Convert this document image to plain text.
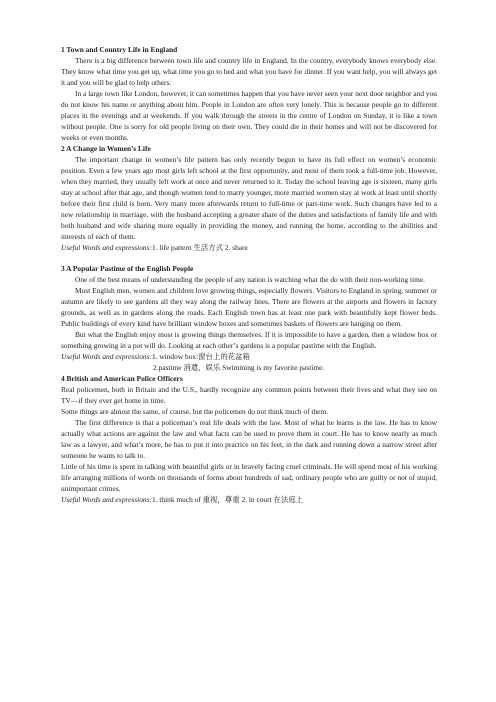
1 Town and Country Life in England

There is a big difference between town life and country life in England. In the country, everybody knows everybody else. They know what time you get up, what time you go to bed and what you have for dinner. If you want help, you will always get it and you will be glad to help others.

In a large town like London, however, it can sometimes happen that you have never seen your next door neighbor and you do not know his name or anything about him. People in London are often very lonely. This is because people go to different places in the evenings and at weekends. If you walk through the streets in the centre of London on Sunday, it is like a town without people. One is sorry for old people living on their own. They could die in their homes and will not be discovered for weeks or even months.

2 A Change in Women’s Life

The important change in women’s life pattern has only recently begun to have its full effect on women’s economic position. Even a few years ago most girls left school at the first opportunity, and most of them took a full-time job. However, when they married, they usually left work at once and never returned to it. Today the school leaving age is sixteen, many girls stay at school after that age, and though women tend to marry younger, more married women stay at work at least until shortly before their first child is born. Very many more afterwards return to full-time or part-time work. Such changes have led to a new relationship in marriage, with the husband accepting a greater share of the duties and satisfactions of family life and with both husband and wife sharing more equally in providing the money, and running the home, according to the abilities and interests of each of them.

Useful Words and expressions:1. life pattern 生活方式 2. share
3 A Popular Pastime of the English People

One of the best means of understanding the people of any nation is watching what the do with their non-working time.

Most English men, women and children love growing things, especially flowers. Visitors to England in spring, summer or autumn are likely to see gardens all they way along the railway lines. There are flowers at the airports and flowers in factory grounds, as well as in gardens along the roads. Each English town has at least one park with beautifully kept flower beds. Public buildings of every kind have brilliant window boxes and sometimes baskets of flowers are hanging on them.

But what the English enjoy most is growing things themselves. If it is impossible to have a garden, then a window box or something growing in a pot will do. Looking at each other’s gardens is a popular pastime with the English.

Useful Words and expressions:1. window box:窗台上的花盆箱
2.pastime 消遣，娱乐 Swimming is my favorite pastime.
4 British and American Police Officers

Real policemen, both in Britain and the U.S., hardly recognize any common points between their lives and what they see on TV—if they ever get home in time.

Some things are almost the same, of course, but the policemen do not think much of them.

The first difference is that a policeman’s real life deals with the law. Most of what he learns is the law. He has to know actually what actions are against the law and what facts can be used to prove them in court. He has to know nearly as much law as a lawyer, and what’s more, he has to put it into practice on his feet, in the dark and running down a narrow street after someone he wants to talk to.

Little of his time is spent in talking with beautiful girls or in bravely facing cruel criminals. He will spend most of his working life arranging millions of words on thousands of forms about hundreds of sad, ordinary people who are guilty or not of stupid, unimportant crimes.

Useful Words and expressions:1. think much of 重视，尊重 2. in court 在法庭上
